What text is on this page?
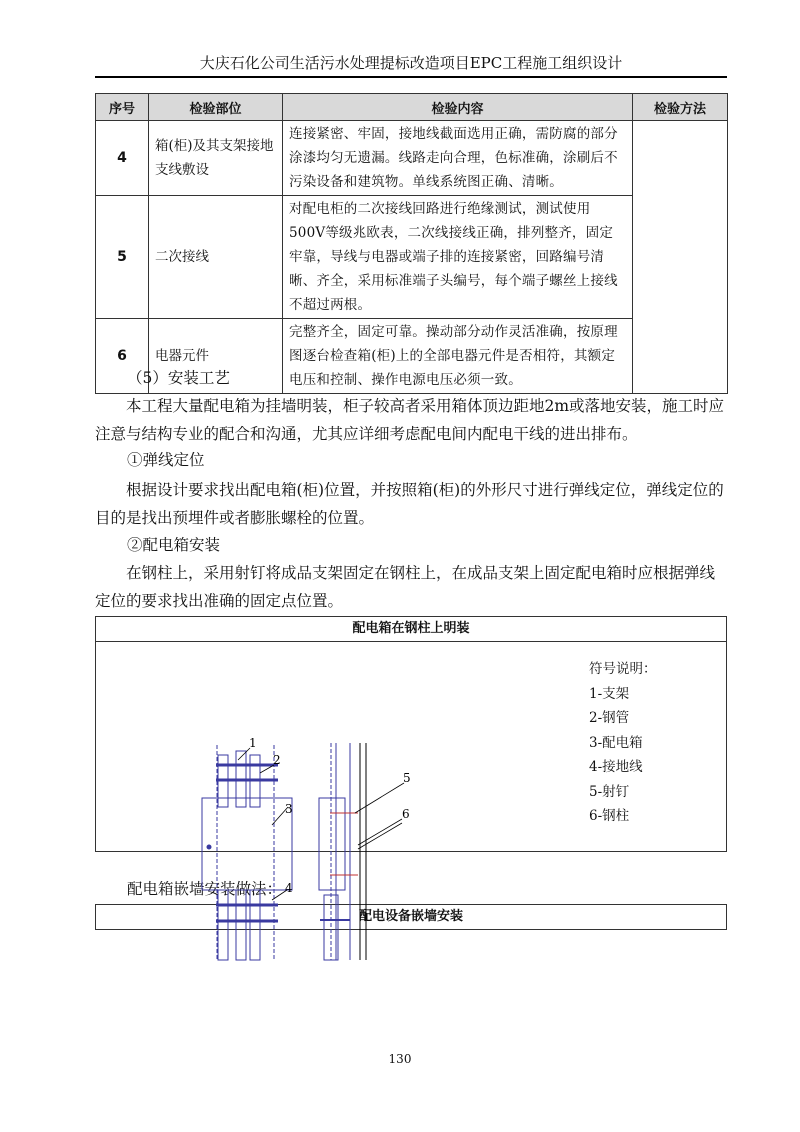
大庆石化公司生活污水处理提标改造项目EPC工程施工组织设计
序号	检验部位	检验内容	检验方法
4	箱(柜)及其支架接地支线敷设	连接紧密、牢固，接地线截面选用正确，需防腐的部分涂漆均匀无遗漏。线路走向合理，色标准确，涂刷后不污染设备和建筑物。单线系统图正确、清晰。	
5	二次接线	对配电柜的二次接线回路进行绝缘测试，测试使用500V等级兆欧表，二次线接线正确，排列整齐，固定牢靠，导线与电器或端子排的连接紧密，回路编号清晰、齐全，采用标准端子头编号，每个端子螺丝上接线不超过两根。	
6	电器元件	完整齐全，固定可靠。操动部分动作灵活准确，按原理图逐台检查箱(柜)上的全部电器元件是否相符，其额定电压和控制、操作电源电压必须一致。	
（5）安装工艺
本工程大量配电箱为挂墙明装，柜子较高者采用箱体顶边距地2m或落地安装，施工时应注意与结构专业的配合和沟通，尤其应详细考虑配电间内配电干线的进出排布。
①弹线定位
根据设计要求找出配电箱(柜)位置，并按照箱(柜)的外形尺寸进行弹线定位，弹线定位的目的是找出预埋件或者膨胀螺栓的位置。
②配电箱安装
在钢柱上，采用射钉将成品支架固定在钢柱上，在成品支架上固定配电箱时应根据弹线定位的要求找出准确的固定点位置。
配电箱在钢柱上明装
符号说明：
1-支架
2-钢管
3-配电箱
4-接地线
5-射钉
6-钢柱
配电箱嵌墙安装做法：
配电设备嵌墙安装
1
2
3
4
5
6
130
